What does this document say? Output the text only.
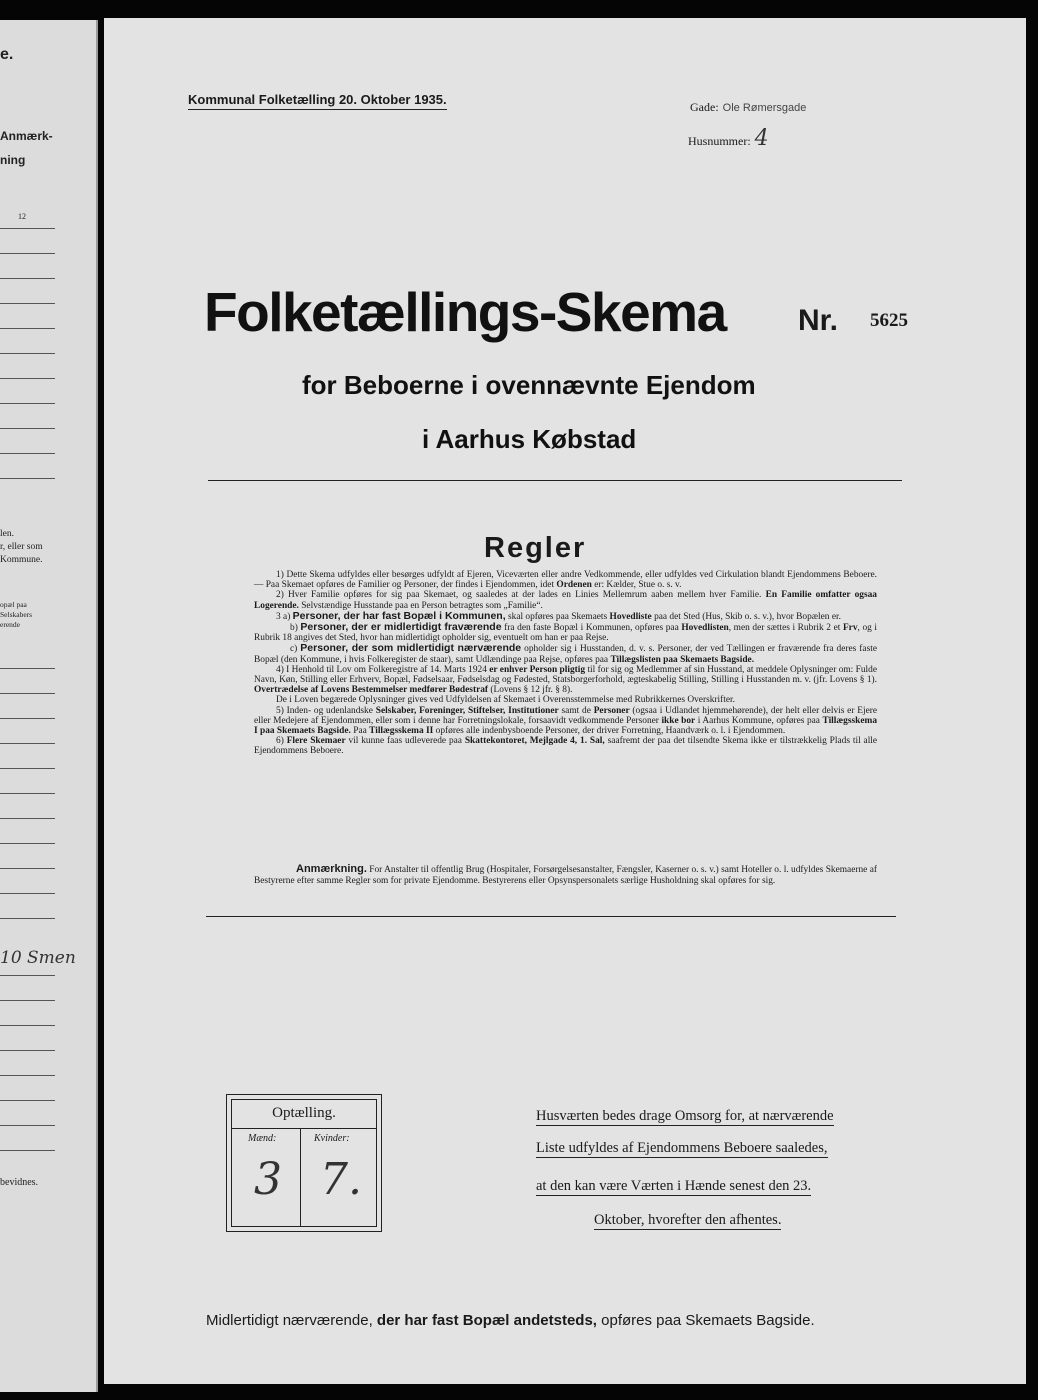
e.
Anmærk-
ning
12
len.
r, eller som
Kommune.
opæl paa
Selskabers
erende
10 Smen
bevidnes.
Kommunal Folketælling 20. Oktober 1935.	Gade: Ole Rømersgade
Husnummer: 4
Folketællings-Skema Nr. 5625
for Beboerne i ovennævnte Ejendom
i Aarhus Købstad
Regler

1) Dette Skema udfyldes eller besørges udfyldt af Ejeren, Viceværten eller andre Vedkommende, eller udfyldes ved Cirkulation blandt Ejendommens Beboere. — Paa Skemaet opføres de Familier og Personer, der findes i Ejendommen, idet Ordenen er: Kælder, Stue o. s. v.

2) Hver Familie opføres for sig paa Skemaet, og saaledes at der lades en Linies Mellemrum aaben mellem hver Familie. En Familie omfatter ogsaa Logerende. Selvstændige Husstande paa en Person betragtes som „Familie“.

3 a) Personer, der har fast Bopæl i Kommunen, skal opføres paa Skemaets Hovedliste paa det Sted (Hus, Skib o. s. v.), hvor Bopælen er.

b) Personer, der er midlertidigt fraværende fra den faste Bopæl i Kommunen, opføres paa Hovedlisten, men der sættes i Rubrik 2 et Frv, og i Rubrik 18 angives det Sted, hvor han midlertidigt opholder sig, eventuelt om han er paa Rejse.

c) Personer, der som midlertidigt nærværende opholder sig i Husstanden, d. v. s. Personer, der ved Tællingen er fraværende fra deres faste Bopæl (den Kommune, i hvis Folkeregister de staar), samt Udlændinge paa Rejse, opføres paa Tillægslisten paa Skemaets Bagside.

4) I Henhold til Lov om Folkeregistre af 14. Marts 1924 er enhver Person pligtig til for sig og Medlemmer af sin Husstand, at meddele Oplysninger om: Fulde Navn, Køn, Stilling eller Erhverv, Bopæl, Fødselsaar, Fødselsdag og Fødested, Statsborgerforhold, ægteskabelig Stilling, Stilling i Husstanden m. v. (jfr. Lovens § 1). Overtrædelse af Lovens Bestemmelser medfører Bødestraf (Lovens § 12 jfr. § 8).

De i Loven begærede Oplysninger gives ved Udfyldelsen af Skemaet i Overensstemmelse med Rubrikkernes Overskrifter.

5) Inden- og udenlandske Selskaber, Foreninger, Stiftelser, Institutioner samt de Personer (ogsaa i Udlandet hjemmehørende), der helt eller delvis er Ejere eller Medejere af Ejendommen, eller som i denne har Forretningslokale, forsaavidt vedkommende Personer ikke bor i Aarhus Kommune, opføres paa Tillægsskema I paa Skemaets Bagside. Paa Tillægsskema II opføres alle indenbysboende Personer, der driver Forretning, Haandværk o. l. i Ejendommen.

6) Flere Skemaer vil kunne faas udleverede paa Skattekontoret, Mejlgade 4, 1. Sal, saafremt der paa det tilsendte Skema ikke er tilstrækkelig Plads til alle Ejendommens Beboere.

Anmærkning. For Anstalter til offentlig Brug (Hospitaler, Forsørgelsesanstalter, Fængsler, Kaserner o. s. v.) samt Hoteller o. l. udfyldes Skemaerne af Bestyrerne efter samme Regler som for private Ejendomme. Bestyrerens eller Opsynspersonalets særlige Husholdning skal opføres for sig.
Optælling.
Mænd:	Kvinder:
3 7.
Husværten bedes drage Omsorg for, at nærværende
Liste udfyldes af Ejendommens Beboere saaledes,
at den kan være Værten i Hænde senest den 23.
Oktober, hvorefter den afhentes.
Midlertidigt nærværende, der har fast Bopæl andetsteds, opføres paa Skemaets Bagside.
